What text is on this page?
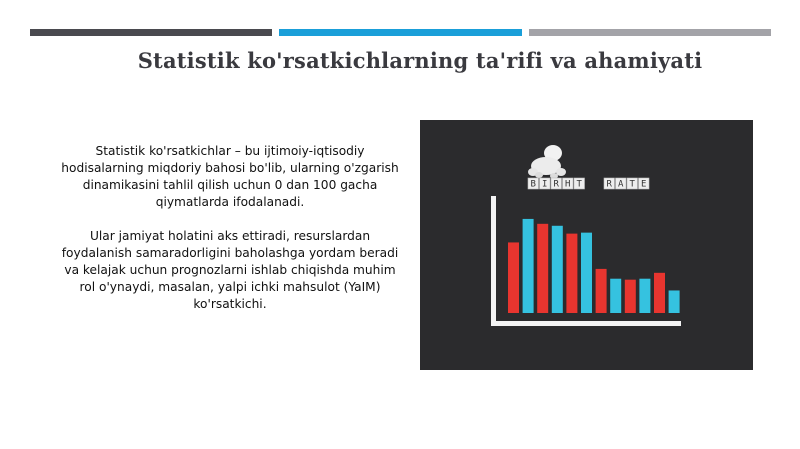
Statistik ko'rsatkichlarning ta'rifi va ahamiyati

Statistik ko'rsatkichlar – bu ijtimoiy-iqtisodiy hodisalarning miqdoriy bahosi bo'lib, ularning o'zgarish dinamikasini tahlil qilish uchun 0 dan 100 gacha qiymatlarda ifodalanadi.

Ular jamiyat holatini aks ettiradi, resurslardan foydalanish samaradorligini baholashga yordam beradi va kelajak uchun prognozlarni ishlab chiqishda muhim rol o'ynaydi, masalan, yalpi ichki mahsulot (YaIM) ko'rsatkichi.

B I R H T	R A T E
